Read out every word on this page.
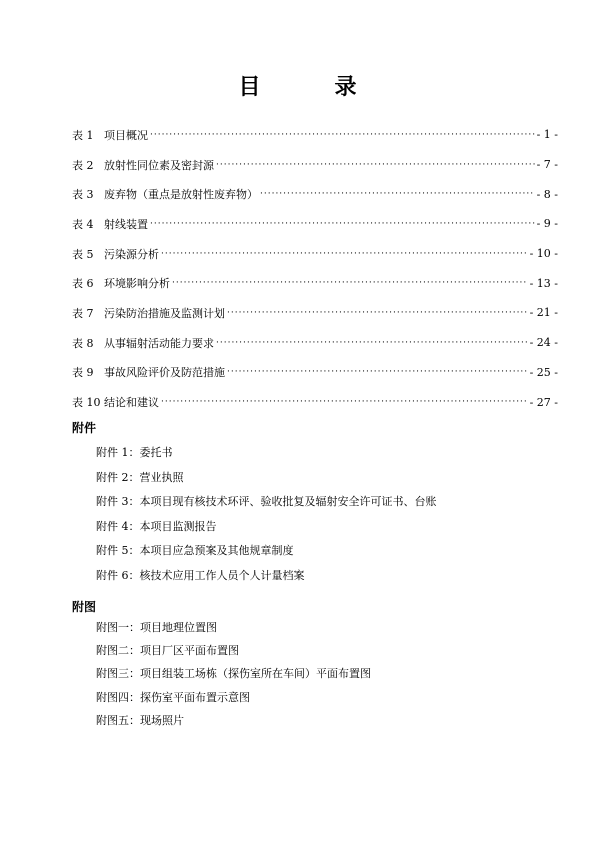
目　录
表 1 项目概况 ·····	- 1 -
表 2 放射性同位素及密封源 ·····	- 7 -
表 3 废弃物（重点是放射性废弃物） ·····	- 8 -
表 4 射线装置 ·····	- 9 -
表 5 污染源分析 ·····	- 10 -
表 6 环境影响分析 ·····	- 13 -
表 7 污染防治措施及监测计划 ·····	- 21 -
表 8 从事辐射活动能力要求 ·····	- 24 -
表 9 事故风险评价及防范措施 ·····	- 25 -
表 10 结论和建议 ·····	- 27 -
附件
附件 1：委托书
附件 2：营业执照
附件 3：本项目现有核技术环评、验收批复及辐射安全许可证书、台账
附件 4：本项目监测报告
附件 5：本项目应急预案及其他规章制度
附件 6：核技术应用工作人员个人计量档案
附图
附图一：项目地理位置图
附图二：项目厂区平面布置图
附图三：项目组装工场栋（探伤室所在车间）平面布置图
附图四：探伤室平面布置示意图
附图五：现场照片
